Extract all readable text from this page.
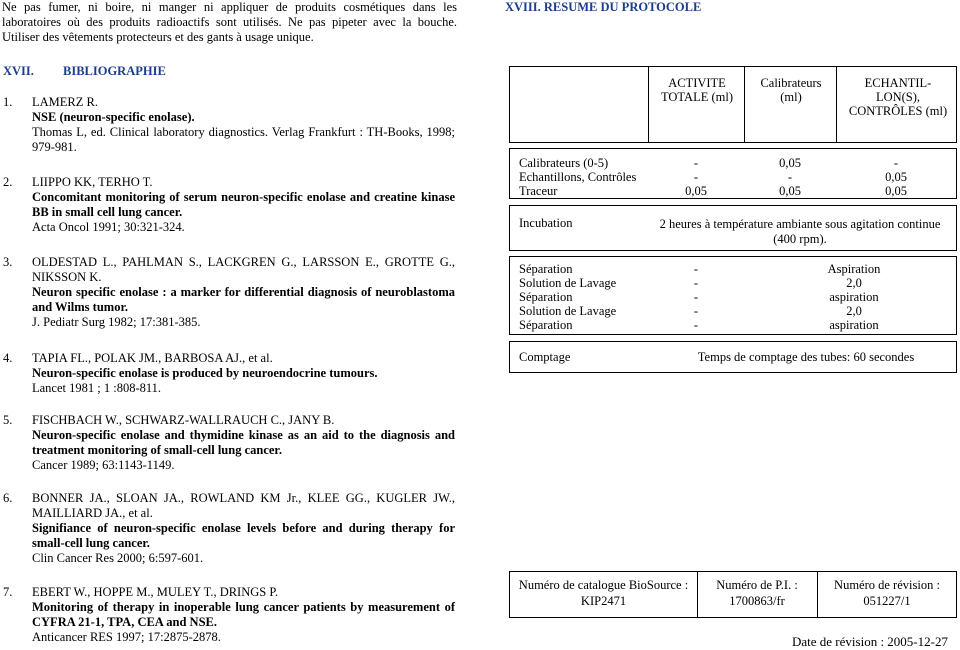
Ne pas fumer, ni boire, ni manger ni appliquer de produits cosmétiques dans les laboratoires où des produits radioactifs sont utilisés. Ne pas pipeter avec la bouche. Utiliser des vêtements protecteurs et des gants à usage unique.
XVII. BIBLIOGRAPHIE
1. LAMERZ R.
NSE (neuron-specific enolase).
Thomas L, ed. Clinical laboratory diagnostics. Verlag Frankfurt : TH-Books, 1998; 979-981.
2. LIIPPO KK, TERHO T.
Concomitant monitoring of serum neuron-specific enolase and creatine kinase BB in small cell lung cancer.
Acta Oncol 1991; 30:321-324.
3. OLDESTAD L., PAHLMAN S., LACKGREN G., LARSSON E., GROTTE G., NIKSSON K.
Neuron specific enolase : a marker for differential diagnosis of neuroblastoma and Wilms tumor.
J. Pediatr Surg 1982; 17:381-385.
4. TAPIA FL., POLAK JM., BARBOSA AJ., et al.
Neuron-specific enolase is produced by neuroendocrine tumours.
Lancet 1981 ; 1 :808-811.
5. FISCHBACH W., SCHWARZ-WALLRAUCH C., JANY B.
Neuron-specific enolase and thymidine kinase as an aid to the diagnosis and treatment monitoring of small-cell lung cancer.
Cancer 1989; 63:1143-1149.
6. BONNER JA., SLOAN JA., ROWLAND KM Jr., KLEE GG., KUGLER JW., MAILLIARD JA., et al.
Signifiance of neuron-specific enolase levels before and during therapy for small-cell lung cancer.
Clin Cancer Res 2000; 6:597-601.
7. EBERT W., HOPPE M., MULEY T., DRINGS P.
Monitoring of therapy in inoperable lung cancer patients by measurement of CYFRA 21-1, TPA, CEA and NSE.
Anticancer RES 1997; 17:2875-2878.
XVIII. RESUME DU PROTOCOLE
ACTIVITE TOTALE (ml)
Calibrateurs (ml)
ECHANTIL-LON(S), CONTRÔLES (ml)
Calibrateurs (0-5)
Echantillons, Contrôles
Traceur
-
-
0,05
0,05
-
0,05
-
0,05
0,05
Incubation	2 heures à température ambiante sous agitation continue (400 rpm).
Séparation
Solution de Lavage
Séparation
Solution de Lavage
Séparation
-
-
-
-
-
Aspiration
2,0
aspiration
2,0
aspiration
Comptage	Temps de comptage des tubes: 60 secondes
Numéro de catalogue BioSource :
KIP2471
Numéro de P.I. :
1700863/fr
Numéro de révision :
051227/1
Date de révision : 2005-12-27
